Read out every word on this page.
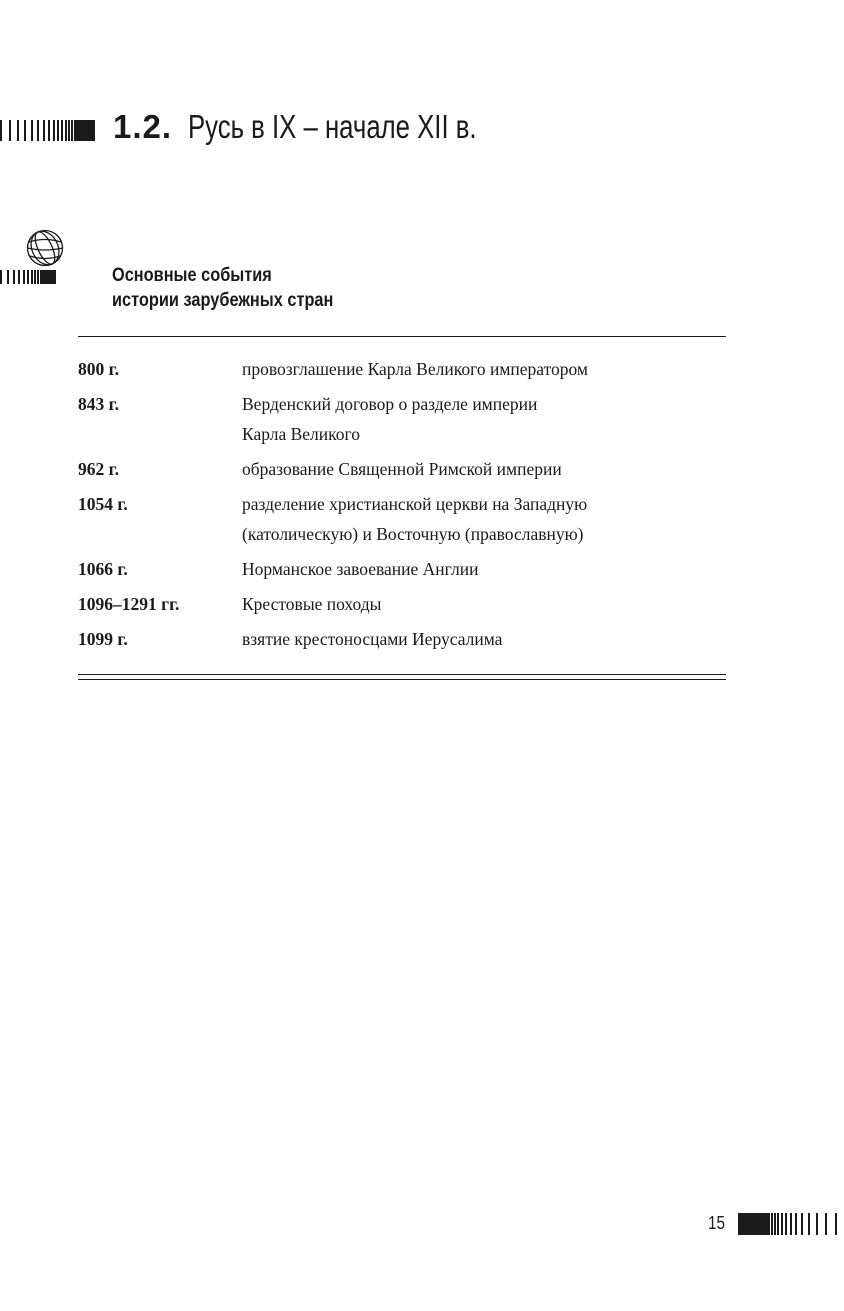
1.2. Русь в IX – начале XII в.
Основные события
истории зарубежных стран
800 г.	провозглашение Карла Великого императором
843 г.	Верденский договор о разделе империи
Карла Великого
962 г.	образование Священной Римской империи
1054 г.	разделение христианской церкви на Западную
(католическую) и Восточную (православную)
1066 г.	Норманское завоевание Англии
1096–1291 гг.	Крестовые походы
1099 г.	взятие крестоносцами Иерусалима
15
